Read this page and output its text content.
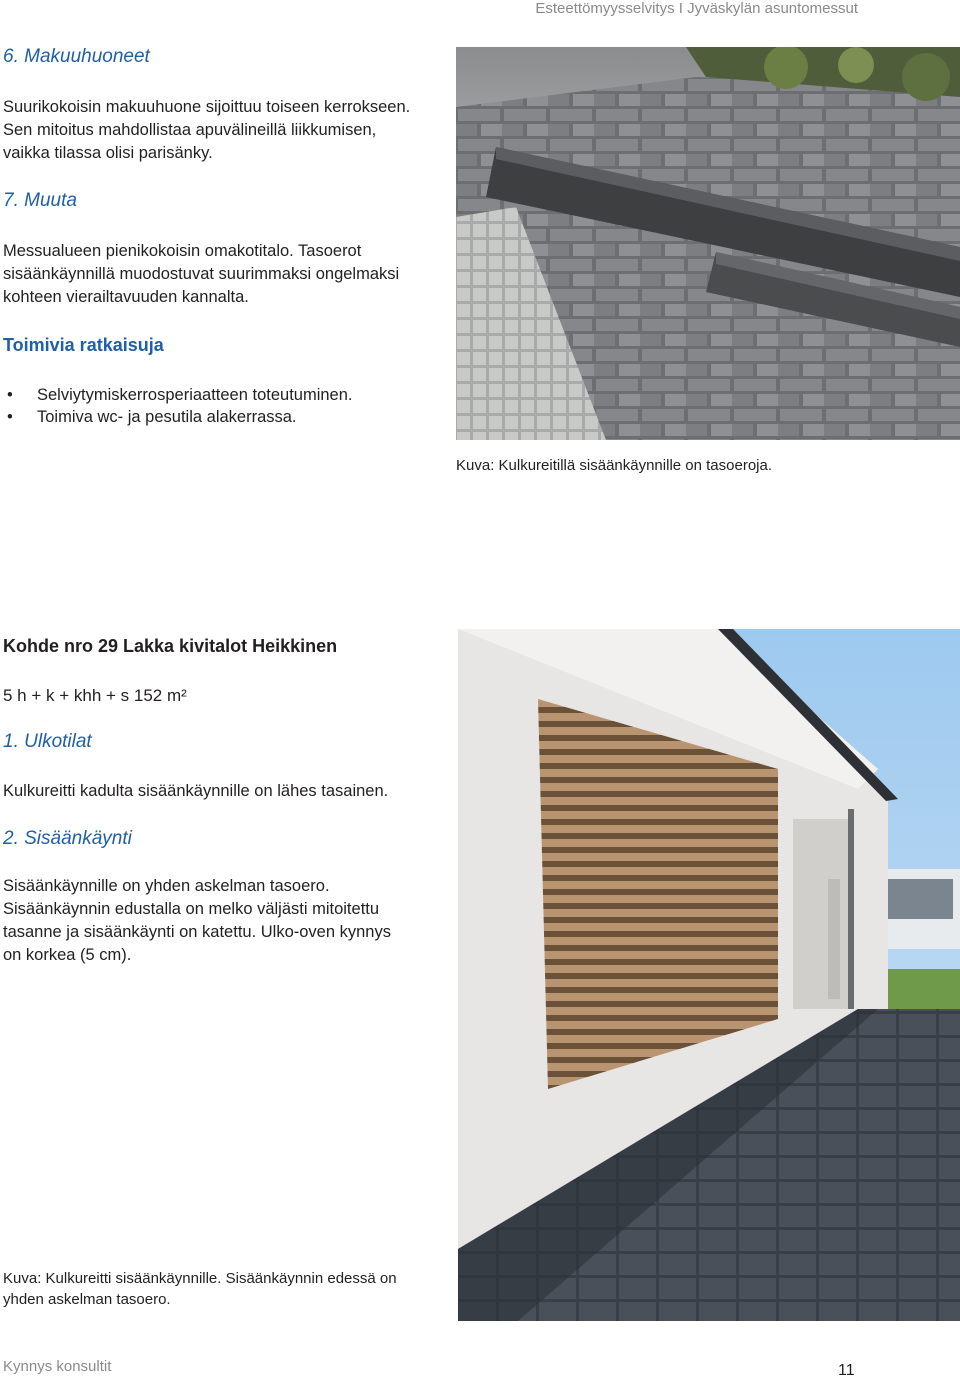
Esteettömyysselvitys I Jyväskylän asuntomessut
6. Makuuhuoneet

Suurikokoisin makuuhuone sijoittuu toiseen kerrokseen. Sen mitoitus mahdollistaa apuvälineillä liikkumisen, vaikka tilassa olisi parisänky.

7. Muuta

Messualueen pienikokoisin omakotitalo. Tasoerot sisäänkäynnillä muodostuvat suurimmaksi ongelmaksi kohteen vierailtavuuden kannalta.

Toimivia ratkaisuja
• Selviytymiskerrosperiaatteen toteutuminen.
• Toimiva wc- ja pesutila alakerrassa.
Kuva: Kulkureitillä sisäänkäynnille on tasoeroja.
Kohde nro 29 Lakka kivitalot Heikkinen

5 h + k + khh + s 152 m²

1. Ulkotilat

Kulkureitti kadulta sisäänkäynnille on lähes tasainen.

2. Sisäänkäynti

Sisäänkäynnille on yhden askelman tasoero. Sisäänkäynnin edustalla on melko väljästi mitoitettu tasanne ja sisäänkäynti on katettu. Ulko-oven kynnys on korkea (5 cm).

Kuva: Kulkureitti sisäänkäynnille. Sisäänkäynnin edessä on yhden askelman tasoero.
Kynnys konsultit	11
